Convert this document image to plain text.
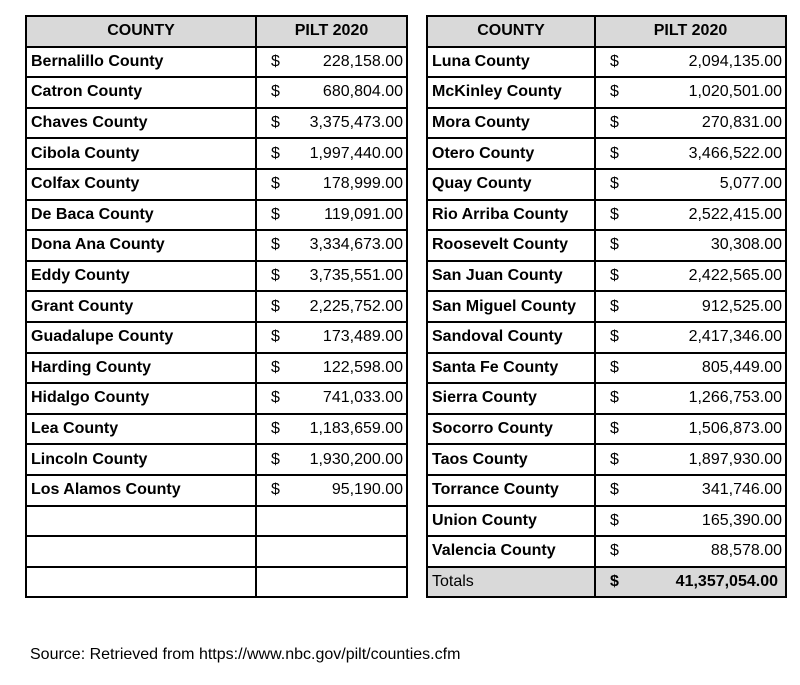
COUNTY	PILT 2020
Bernalillo County	$ 228,158.00

Catron County	$ 680,804.00

Chaves County	$ 3,375,473.00

Cibola County	$ 1,997,440.00

Colfax County	$ 178,999.00

De Baca County	$ 119,091.00

Dona Ana County	$ 3,334,673.00

Eddy County	$ 3,735,551.00

Grant County	$ 2,225,752.00

Guadalupe County	$ 173,489.00

Harding County	$ 122,598.00

Hidalgo County	$ 741,033.00

Lea County	$ 1,183,659.00

Lincoln County	$ 1,930,200.00

Los Alamos County	$ 95,190.00

COUNTY	PILT 2020
Luna County	$ 2,094,135.00

McKinley County	$ 1,020,501.00

Mora County	$ 270,831.00

Otero County	$ 3,466,522.00

Quay County	$ 5,077.00

Rio Arriba County	$ 2,522,415.00

Roosevelt County	$ 30,308.00

San Juan County	$ 2,422,565.00

San Miguel County	$ 912,525.00

Sandoval County	$ 2,417,346.00

Santa Fe County	$ 805,449.00

Sierra County	$ 1,266,753.00

Socorro County	$ 1,506,873.00

Taos County	$ 1,897,930.00

Torrance County	$ 341,746.00

Union County	$ 165,390.00

Valencia County	$ 88,578.00

Totals	$ 41,357,054.00
Source: Retrieved from https://www.nbc.gov/pilt/counties.cfm
